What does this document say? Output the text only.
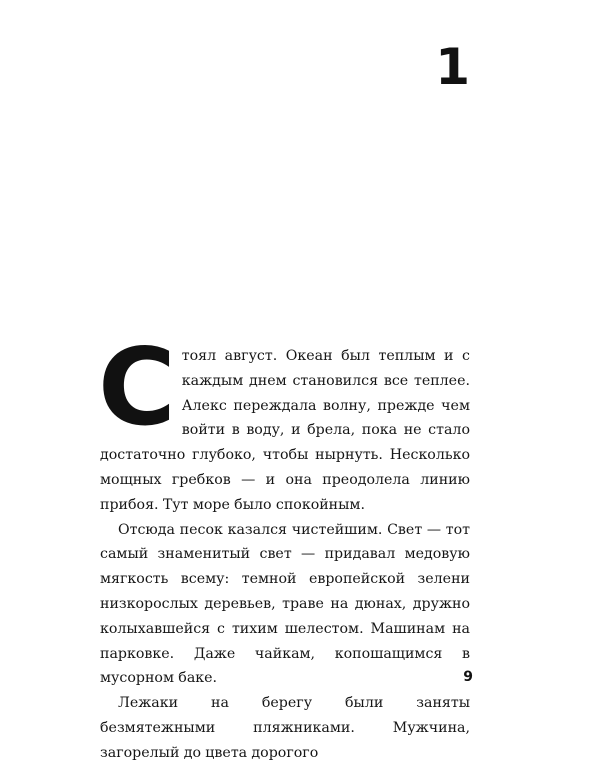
1

Стоял август. Океан был теплым и с каждым днем становился все теплее. Алекс переждала волну, прежде чем войти в воду, и брела, пока не стало достаточно глубоко, чтобы нырнуть. Несколько мощных гребков — и она преодолела линию прибоя. Тут море было спокойным.

Отсюда песок казался чистейшим. Свет — тот самый знаменитый свет — придавал медовую мягкость всему: темной европейской зелени низкорослых деревьев, траве на дюнах, дружно колыхавшейся с тихим шелестом. Машинам на парковке. Даже чайкам, копошащимся в мусорном баке.

Лежаки на берегу были заняты безмятежными пляжниками. Мужчина, загорелый до цвета дорогого

9
